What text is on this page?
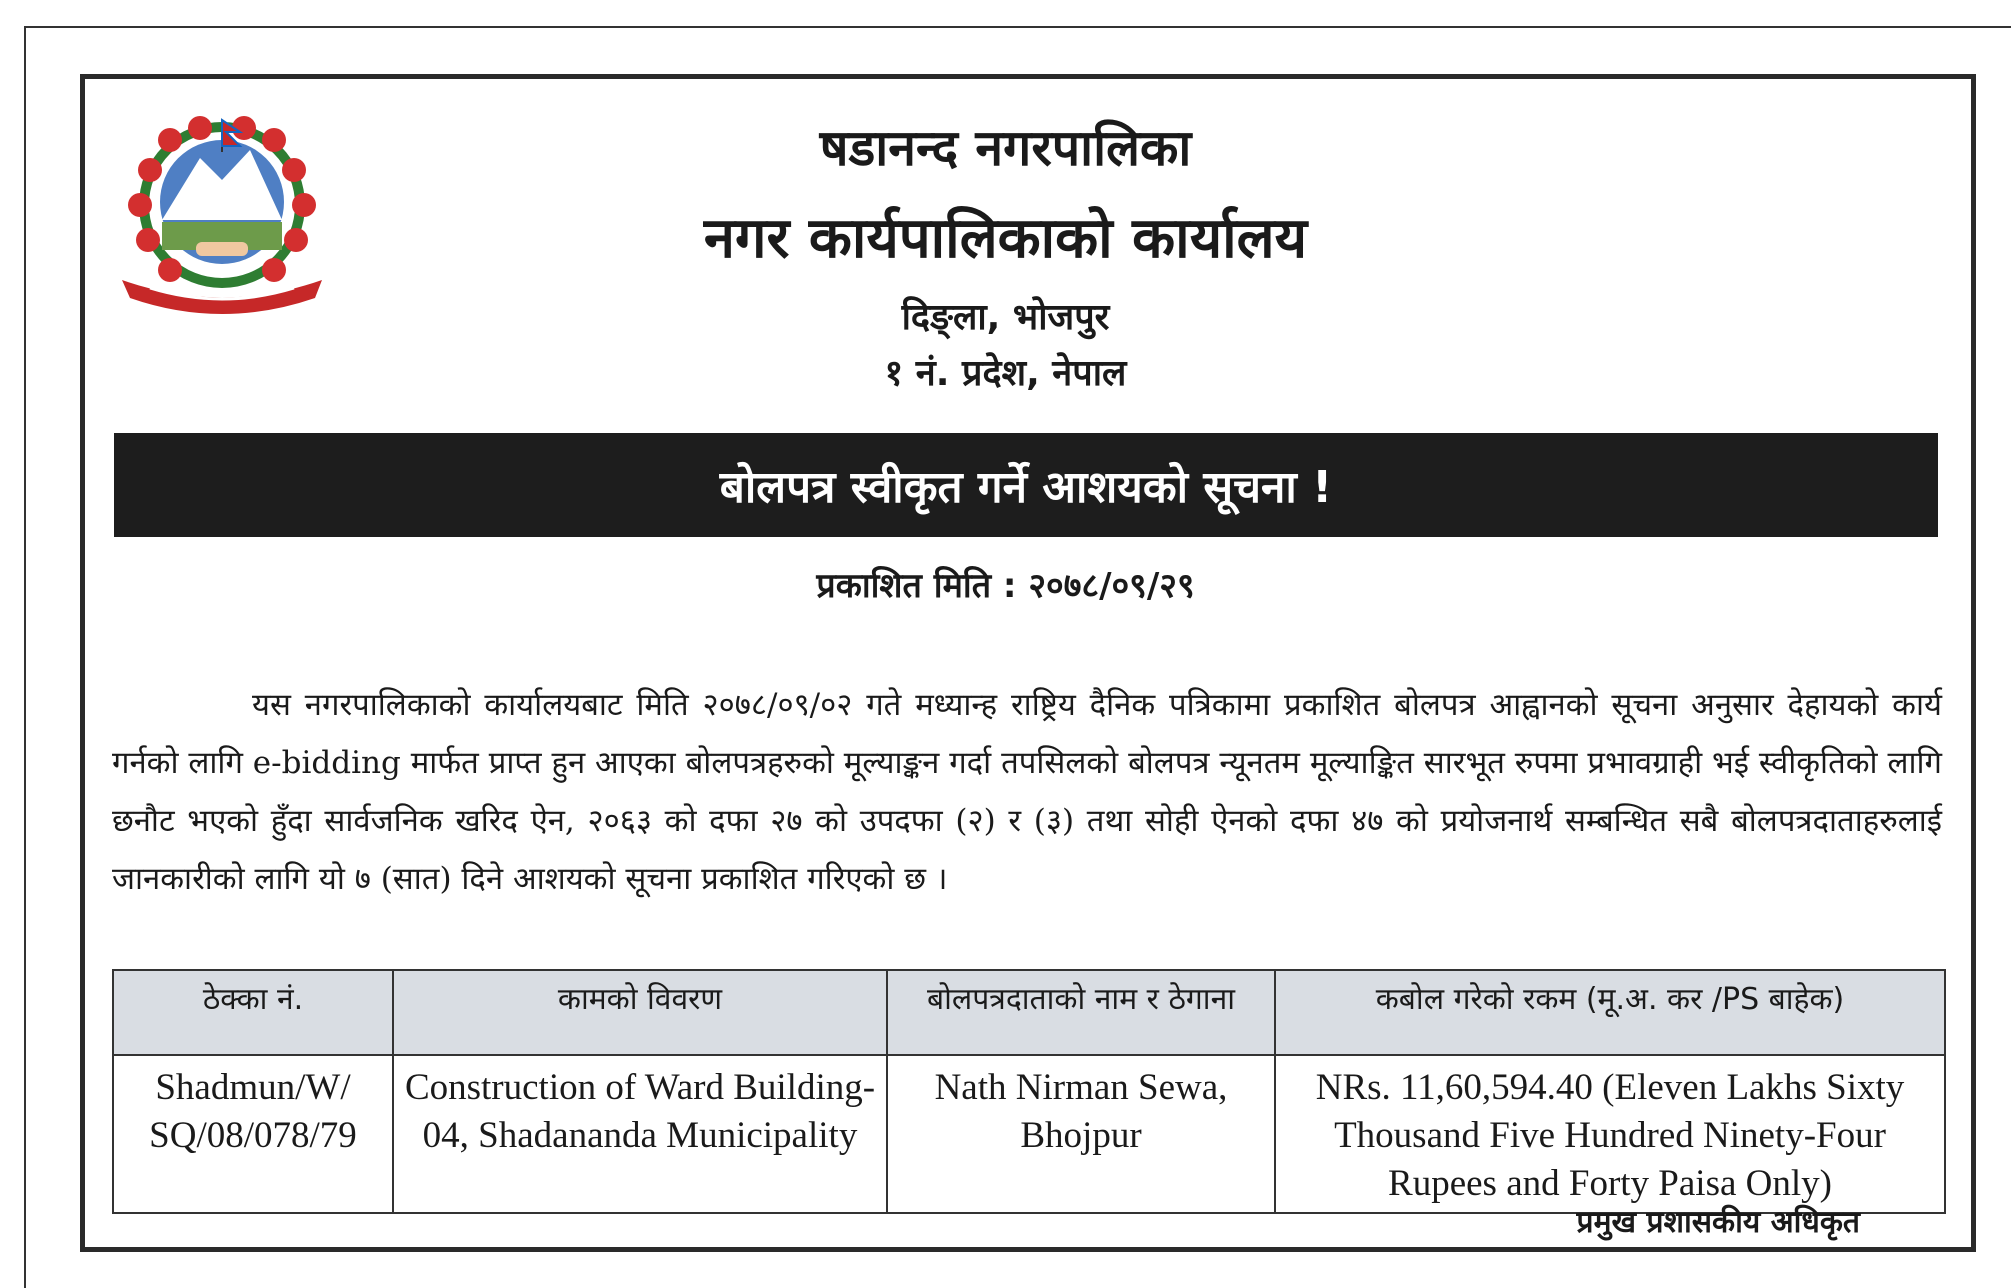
षडानन्द नगरपालिका
नगर कार्यपालिकाको कार्यालय
दिङ्ला, भोजपुर
१ नं. प्रदेश, नेपाल
बोलपत्र स्वीकृत गर्ने आशयको सूचना !
प्रकाशित मिति : २०७८/०९/२९
यस नगरपालिकाको कार्यालयबाट मिति २०७८/०९/०२ गते मध्यान्ह राष्ट्रिय दैनिक पत्रिकामा प्रकाशित बोलपत्र आह्वानको सूचना अनुसार देहायको कार्य गर्नको लागि e-bidding मार्फत प्राप्त हुन आएका बोलपत्रहरुको मूल्याङ्कन गर्दा तपसिलको बोलपत्र न्यूनतम मूल्याङ्कित सारभूत रुपमा प्रभावग्राही भई स्वीकृतिको लागि छनौट भएको हुँदा सार्वजनिक खरिद ऐन, २०६३ को दफा २७ को उपदफा (२) र (३) तथा सोही ऐनको दफा ४७ को प्रयोजनार्थ सम्बन्धित सबै बोलपत्रदाताहरुलाई जानकारीको लागि यो ७ (सात) दिने आशयको सूचना प्रकाशित गरिएको छ ।
ठेक्का नं.	कामको विवरण	बोलपत्रदाताको नाम र ठेगाना	कबोल गरेको रकम (मू.अ. कर /PS बाहेक)
Shadmun/W/ SQ/08/078/79	Construction of Ward Building-04, Shadananda Municipality	Nath Nirman Sewa, Bhojpur	NRs. 11,60,594.40 (Eleven Lakhs Sixty Thousand Five Hundred Ninety-Four Rupees and Forty Paisa Only)
प्रमुख प्रशासकीय अधिकृत
